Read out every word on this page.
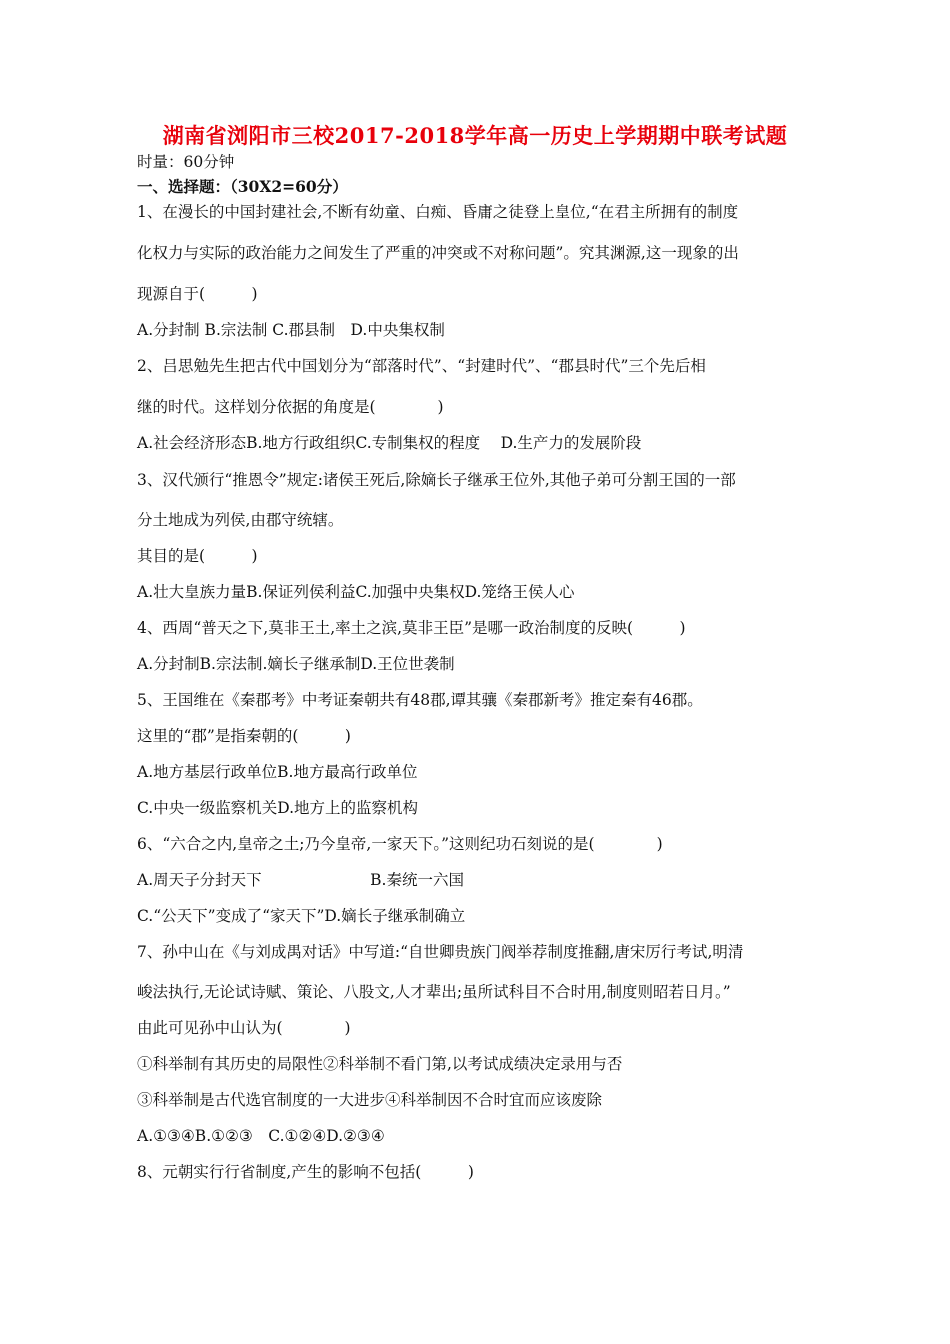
湖南省浏阳市三校2017-2018学年高一历史上学期期中联考试题
时量：60分钟
一、选择题：（30X2=60分）
1、在漫长的中国封建社会,不断有幼童、白痴、昏庸之徒登上皇位,“在君主所拥有的制度
化权力与实际的政治能力之间发生了严重的冲突或不对称问题”。究其渊源,这一现象的出
现源自于(　　　)
A.分封制 B.宗法制 C.郡县制　D.中央集权制
2、吕思勉先生把古代中国划分为“部落时代”、“封建时代”、“郡县时代”三个先后相
继的时代。这样划分依据的角度是(　　　　)
A.社会经济形态B.地方行政组织C.专制集权的程度　 D.生产力的发展阶段
3、汉代颁行“推恩令”规定:诸侯王死后,除嫡长子继承王位外,其他子弟可分割王国的一部
分土地成为列侯,由郡守统辖。
其目的是(　　　)
A.壮大皇族力量B.保证列侯利益C.加强中央集权D.笼络王侯人心
4、西周“普天之下,莫非王土,率土之滨,莫非王臣”是哪一政治制度的反映(　　　)
A.分封制B.宗法制.嫡长子继承制D.王位世袭制
5、王国维在《秦郡考》中考证秦朝共有48郡,谭其骧《秦郡新考》推定秦有46郡。
这里的“郡”是指秦朝的(　　　)
A.地方基层行政单位B.地方最高行政单位
C.中央一级监察机关D.地方上的监察机构
6、“六合之内,皇帝之土;乃今皇帝,一家天下。”这则纪功石刻说的是(　　　　)
A.周天子分封天下　　　　　　　B.秦统一六国
C.“公天下”变成了“家天下”D.嫡长子继承制确立
7、孙中山在《与刘成禺对话》中写道:“自世卿贵族门阀举荐制度推翻,唐宋厉行考试,明清
峻法执行,无论试诗赋、策论、八股文,人才辈出;虽所试科目不合时用,制度则昭若日月。”
由此可见孙中山认为(　　　　)
①科举制有其历史的局限性②科举制不看门第,以考试成绩决定录用与否
③科举制是古代选官制度的一大进步④科举制因不合时宜而应该废除
A.①③④B.①②③　C.①②④D.②③④
8、元朝实行行省制度,产生的影响不包括(　　　)
